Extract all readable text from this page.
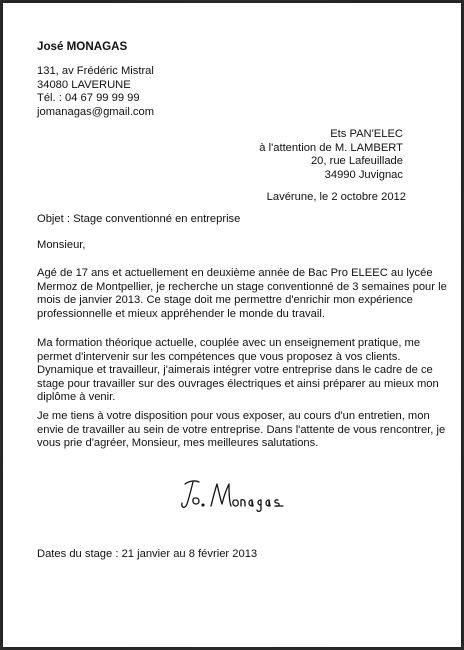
José MONAGAS
131, av Frédéric Mistral
34080 LAVERUNE
Tél. : 04 67 99 99 99
jomanagas@gmail.com
Ets PAN'ELEC
à l'attention de M. LAMBERT
20, rue Lafeuillade
34990 Juvignac
Lavérune, le 2 octobre 2012
Objet : Stage conventionné en entreprise
Monsieur,
Agé de 17 ans et actuellement en deuxième année de Bac Pro ELEEC au lycée
Mermoz de Montpellier, je recherche un stage conventionné de 3 semaines pour le
mois de janvier 2013. Ce stage doit me permettre d'enrichir mon expérience
professionnelle et mieux appréhender le monde du travail.
Ma formation théorique actuelle, couplée avec un enseignement pratique, me
permet d'intervenir sur les compétences que vous proposez à vos clients.
Dynamique et travailleur, j'aimerais intégrer votre entreprise dans le cadre de ce
stage pour travailler sur des ouvrages électriques et ainsi préparer au mieux mon
diplôme à venir.
Je me tiens à votre disposition pour vous exposer, au cours d'un entretien, mon
envie de travailler au sein de votre entreprise. Dans l'attente de vous rencontrer, je
vous prie d'agréer, Monsieur, mes meilleures salutations.
Dates du stage : 21 janvier au 8 février 2013
